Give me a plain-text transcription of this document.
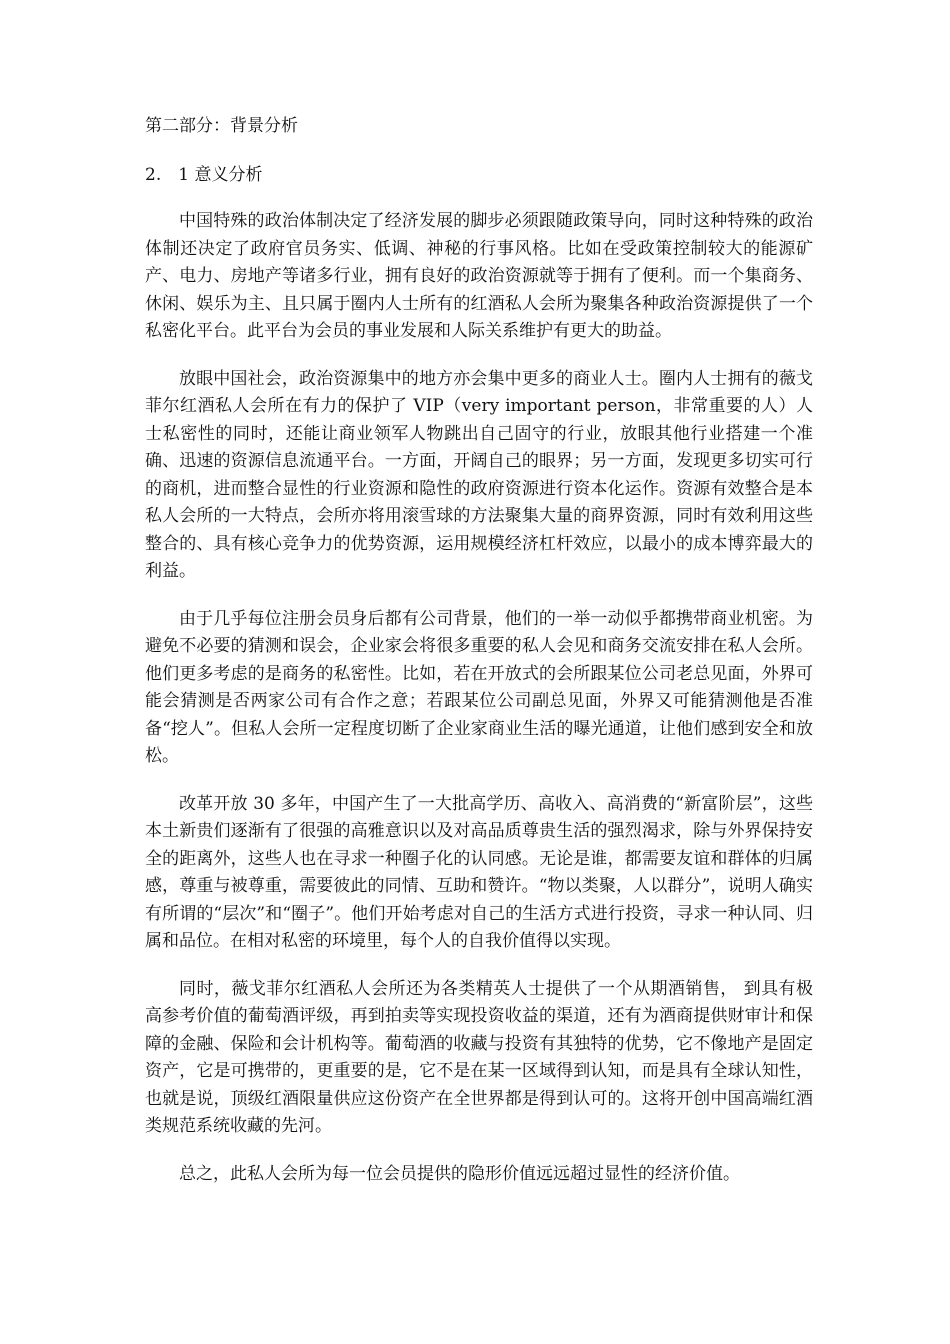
第二部分：背景分析
2.　1 意义分析

中国特殊的政治体制决定了经济发展的脚步必须跟随政策导向，同时这种特殊的政治体制还决定了政府官员务实、低调、神秘的行事风格。比如在受政策控制较大的能源矿产、电力、房地产等诸多行业，拥有良好的政治资源就等于拥有了便利。而一个集商务、休闲、娱乐为主、且只属于圈内人士所有的红酒私人会所为聚集各种政治资源提供了一个私密化平台。此平台为会员的事业发展和人际关系维护有更大的助益。

放眼中国社会，政治资源集中的地方亦会集中更多的商业人士。圈内人士拥有的薇戈菲尔红酒私人会所在有力的保护了 VIP（very important person，非常重要的人）人士私密性的同时，还能让商业领军人物跳出自己固守的行业，放眼其他行业搭建一个准确、迅速的资源信息流通平台。一方面，开阔自己的眼界；另一方面，发现更多切实可行的商机，进而整合显性的行业资源和隐性的政府资源进行资本化运作。资源有效整合是本私人会所的一大特点，会所亦将用滚雪球的方法聚集大量的商界资源，同时有效利用这些整合的、具有核心竞争力的优势资源，运用规模经济杠杆效应，以最小的成本博弈最大的利益。

由于几乎每位注册会员身后都有公司背景，他们的一举一动似乎都携带商业机密。为避免不必要的猜测和误会，企业家会将很多重要的私人会见和商务交流安排在私人会所。他们更多考虑的是商务的私密性。比如，若在开放式的会所跟某位公司老总见面，外界可能会猜测是否两家公司有合作之意；若跟某位公司副总见面，外界又可能猜测他是否准备“挖人”。但私人会所一定程度切断了企业家商业生活的曝光通道，让他们感到安全和放松。

改革开放 30 多年，中国产生了一大批高学历、高收入、高消费的“新富阶层”，这些本土新贵们逐渐有了很强的高雅意识以及对高品质尊贵生活的强烈渴求，除与外界保持安全的距离外，这些人也在寻求一种圈子化的认同感。无论是谁，都需要友谊和群体的归属感，尊重与被尊重，需要彼此的同情、互助和赞许。“物以类聚，人以群分”，说明人确实有所谓的“层次”和“圈子”。他们开始考虑对自己的生活方式进行投资，寻求一种认同、归属和品位。在相对私密的环境里，每个人的自我价值得以实现。

同时，薇戈菲尔红酒私人会所还为各类精英人士提供了一个从期酒销售， 到具有极高参考价值的葡萄酒评级，再到拍卖等实现投资收益的渠道，还有为酒商提供财审计和保障的金融、保险和会计机构等。葡萄酒的收藏与投资有其独特的优势，它不像地产是固定资产，它是可携带的，更重要的是，它不是在某一区域得到认知，而是具有全球认知性，也就是说，顶级红酒限量供应这份资产在全世界都是得到认可的。这将开创中国高端红酒类规范系统收藏的先河。

总之，此私人会所为每一位会员提供的隐形价值远远超过显性的经济价值。
